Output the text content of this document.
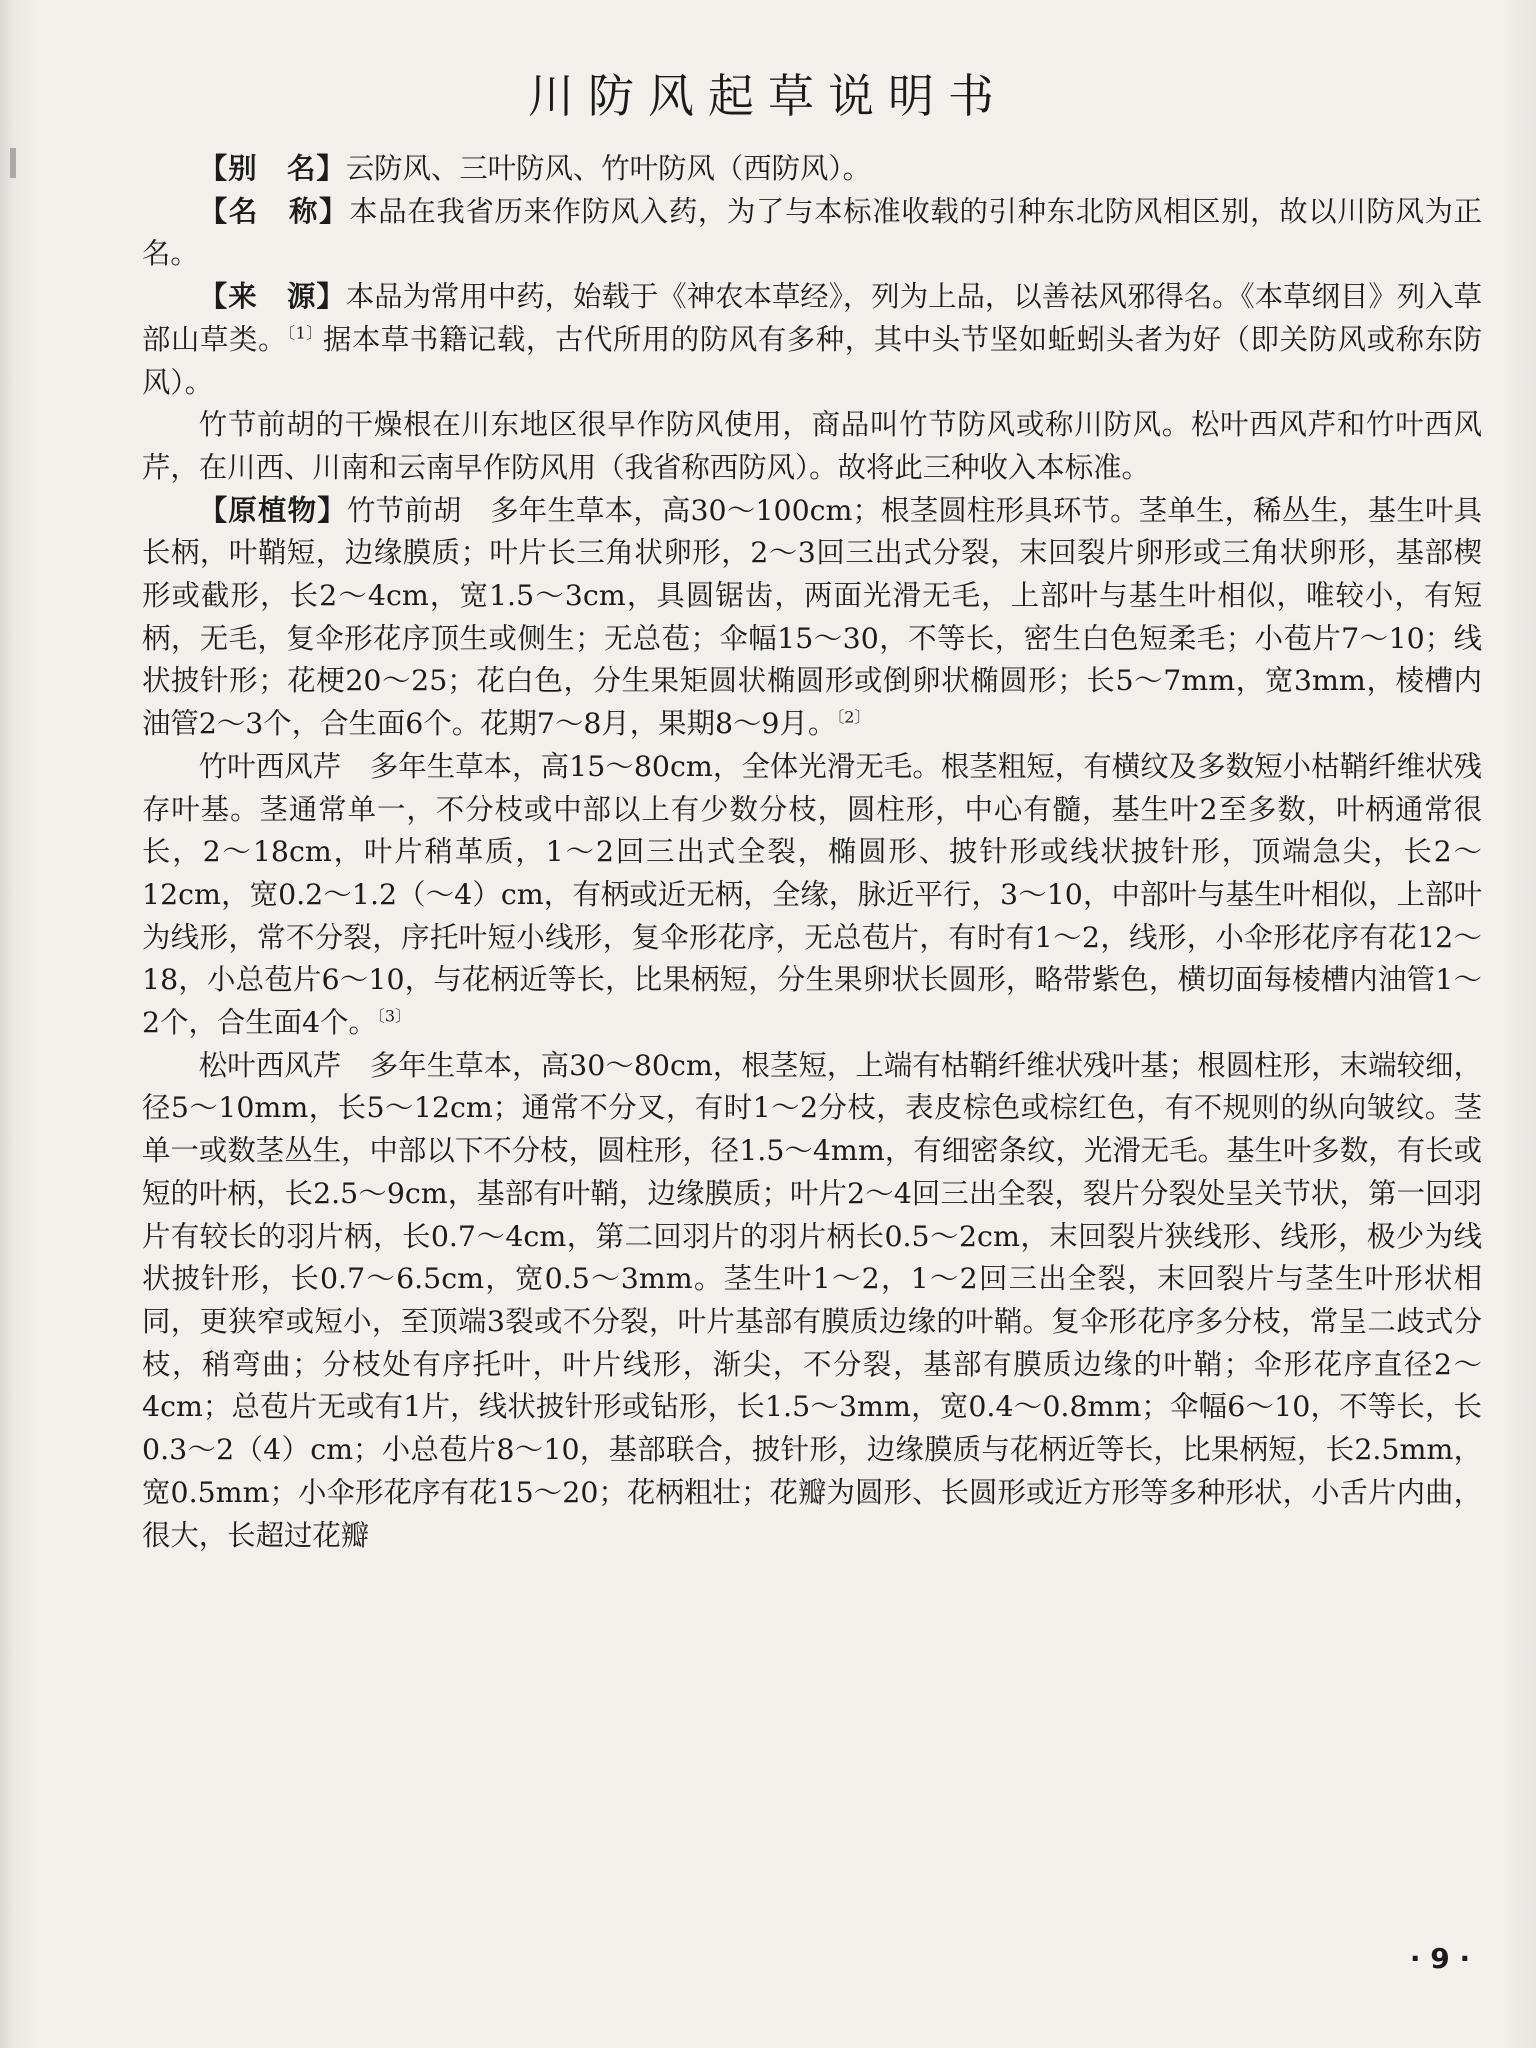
川防风起草说明书

【别　名】云防风、三叶防风、竹叶防风（西防风）。

【名　称】本品在我省历来作防风入药，为了与本标准收载的引种东北防风相区别，故以川防风为正名。

【来　源】本品为常用中药，始载于《神农本草经》，列为上品，以善祛风邪得名。《本草纲目》列入草部山草类。$^{〔1〕}$据本草书籍记载，古代所用的防风有多种，其中头节坚如蚯蚓头者为好（即关防风或称东防风）。

竹节前胡的干燥根在川东地区很早作防风使用，商品叫竹节防风或称川防风。松叶西风芹和竹叶西风芹，在川西、川南和云南早作防风用（我省称西防风）。故将此三种收入本标准。

【原植物】竹节前胡　多年生草本，高30～100cm；根茎圆柱形具环节。茎单生，稀丛生，基生叶具长柄，叶鞘短，边缘膜质；叶片长三角状卵形，2～3回三出式分裂，末回裂片卵形或三角状卵形，基部楔形或截形，长2～4cm，宽1.5～3cm，具圆锯齿，两面光滑无毛，上部叶与基生叶相似，唯较小，有短柄，无毛，复伞形花序顶生或侧生；无总苞；伞幅15～30，不等长，密生白色短柔毛；小苞片7～10；线状披针形；花梗20～25；花白色，分生果矩圆状椭圆形或倒卵状椭圆形；长5～7mm，宽3mm，棱槽内油管2～3个，合生面6个。花期7～8月，果期8～9月。$^{〔2〕}$

竹叶西风芹　多年生草本，高15～80cm，全体光滑无毛。根茎粗短，有横纹及多数短小枯鞘纤维状残存叶基。茎通常单一，不分枝或中部以上有少数分枝，圆柱形，中心有髓，基生叶2至多数，叶柄通常很长，2～18cm，叶片稍革质，1～2回三出式全裂，椭圆形、披针形或线状披针形，顶端急尖，长2～12cm，宽0.2～1.2（～4）cm，有柄或近无柄，全缘，脉近平行，3～10，中部叶与基生叶相似，上部叶为线形，常不分裂，序托叶短小线形，复伞形花序，无总苞片，有时有1～2，线形，小伞形花序有花12～18，小总苞片6～10，与花柄近等长，比果柄短，分生果卵状长圆形，略带紫色，横切面每棱槽内油管1～2个，合生面4个。$^{〔3〕}$

松叶西风芹　多年生草本，高30～80cm，根茎短，上端有枯鞘纤维状残叶基；根圆柱形，末端较细，径5～10mm，长5～12cm；通常不分叉，有时1～2分枝，表皮棕色或棕红色，有不规则的纵向皱纹。茎单一或数茎丛生，中部以下不分枝，圆柱形，径1.5～4mm，有细密条纹，光滑无毛。基生叶多数，有长或短的叶柄，长2.5～9cm，基部有叶鞘，边缘膜质；叶片2～4回三出全裂，裂片分裂处呈关节状，第一回羽片有较长的羽片柄，长0.7～4cm，第二回羽片的羽片柄长0.5～2cm，末回裂片狭线形、线形，极少为线状披针形，长0.7～6.5cm，宽0.5～3mm。茎生叶1～2，1～2回三出全裂，末回裂片与茎生叶形状相同，更狭窄或短小，至顶端3裂或不分裂，叶片基部有膜质边缘的叶鞘。复伞形花序多分枝，常呈二歧式分枝，稍弯曲；分枝处有序托叶，叶片线形，渐尖，不分裂，基部有膜质边缘的叶鞘；伞形花序直径2～4cm；总苞片无或有1片，线状披针形或钻形，长1.5～3mm，宽0.4～0.8mm；伞幅6～10，不等长，长0.3～2（4）cm；小总苞片8～10，基部联合，披针形，边缘膜质与花柄近等长，比果柄短，长2.5mm，宽0.5mm；小伞形花序有花15～20；花柄粗壮；花瓣为圆形、长圆形或近方形等多种形状，小舌片内曲，很大，长超过花瓣

· 9 ·
